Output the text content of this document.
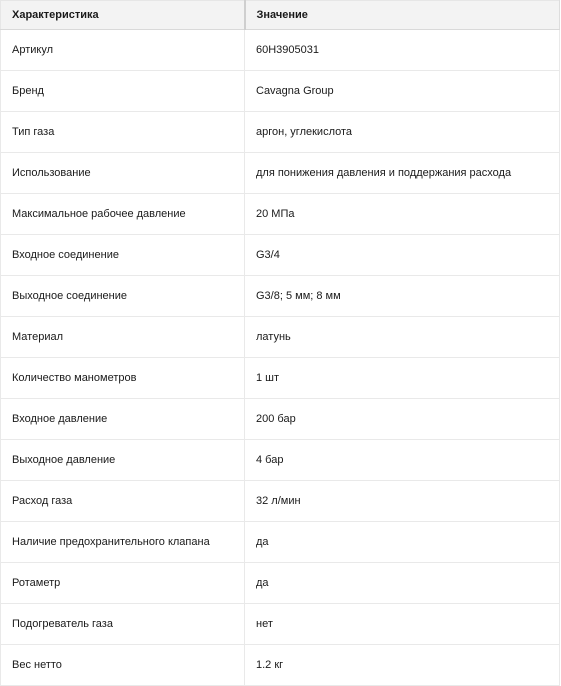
Характеристика	Значение
Артикул	60H3905031
Бренд	Cavagna Group
Тип газа	аргон, углекислота
Использование	для понижения давления и поддержания расхода
Максимальное рабочее давление	20 МПа
Входное соединение	G3/4
Выходное соединение	G3/8; 5 мм; 8 мм
Материал	латунь
Количество манометров	1 шт
Входное давление	200 бар
Выходное давление	4 бар
Расход газа	32 л/мин
Наличие предохранительного клапана	да
Ротаметр	да
Подогреватель газа	нет
Вес нетто	1.2 кг
